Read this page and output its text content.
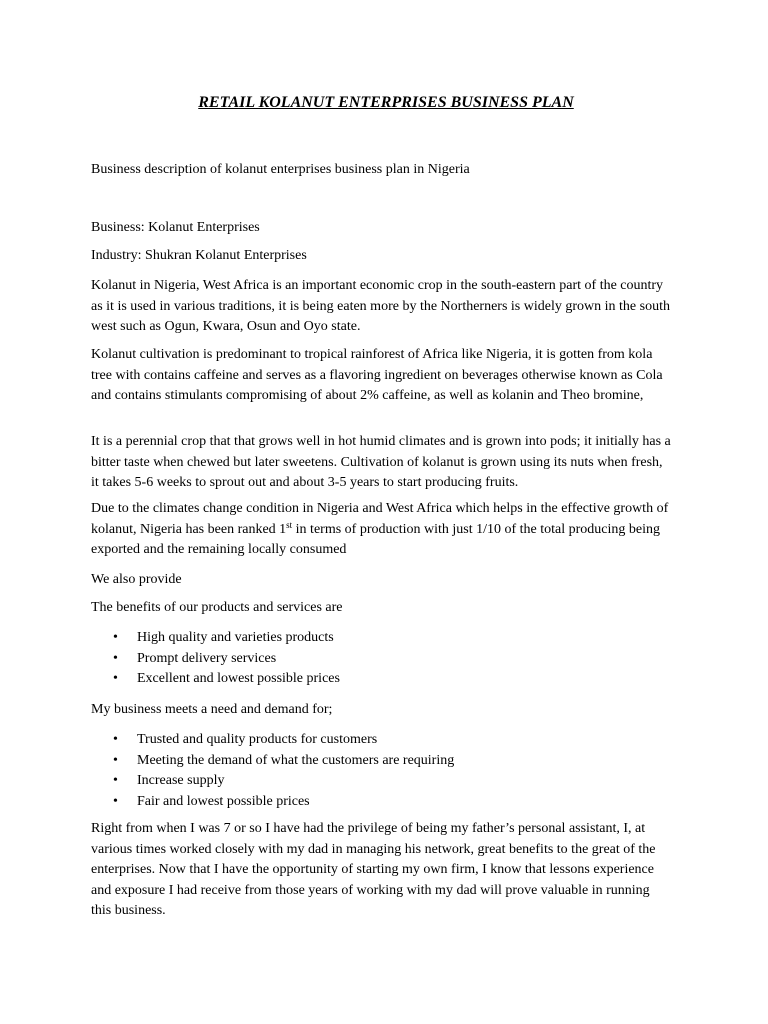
RETAIL KOLANUT ENTERPRISES BUSINESS PLAN

Business description of kolanut enterprises business plan in Nigeria

Business: Kolanut Enterprises

Industry: Shukran Kolanut Enterprises

Kolanut in Nigeria, West Africa is an important economic crop in the south-eastern part of the country as it is used in various traditions, it is being eaten more by the Northerners is widely grown in the south west such as Ogun, Kwara, Osun and Oyo state.

Kolanut cultivation is predominant to tropical rainforest of Africa like Nigeria, it is gotten from kola tree with contains caffeine and serves as a flavoring ingredient on beverages otherwise known as Cola and contains stimulants compromising of about 2% caffeine, as well as kolanin and Theo bromine,

It is a perennial crop that that grows well in hot humid climates and is grown into pods; it initially has a bitter taste when chewed but later sweetens. Cultivation of kolanut is grown using its nuts when fresh, it takes 5-6 weeks to sprout out and about 3-5 years to start producing fruits.

Due to the climates change condition in Nigeria and West Africa which helps in the effective growth of kolanut, Nigeria has been ranked 1st in terms of production with just 1/10 of the total producing being exported and the remaining locally consumed

We also provide

The benefits of our products and services are

• High quality and varieties products
• Prompt delivery services
• Excellent and lowest possible prices

My business meets a need and demand for;

• Trusted and quality products for customers
• Meeting the demand of what the customers are requiring
• Increase supply
• Fair and lowest possible prices

Right from when I was 7 or so I have had the privilege of being my father’s personal assistant, I, at various times worked closely with my dad in managing his network, great benefits to the great of the enterprises. Now that I have the opportunity of starting my own firm, I know that lessons experience and exposure I had receive from those years of working with my dad will prove valuable in running this business.
